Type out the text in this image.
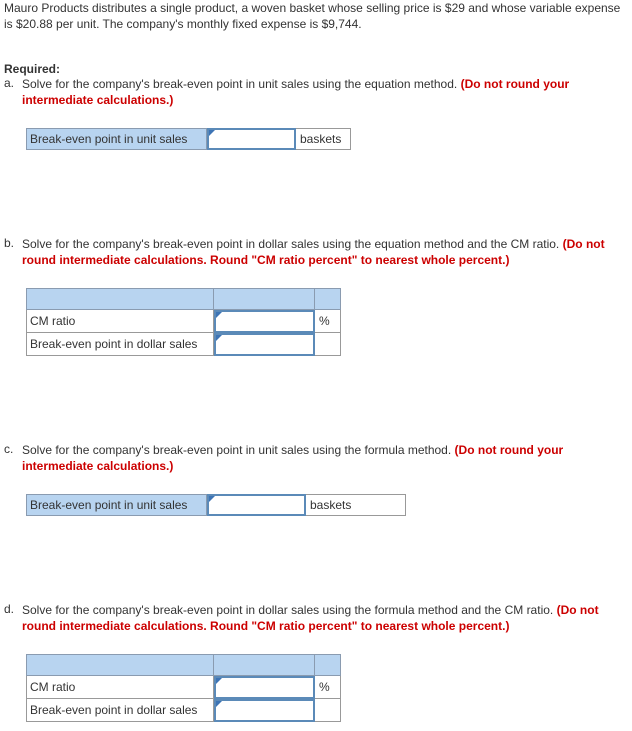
Mauro Products distributes a single product, a woven basket whose selling price is $29 and whose variable expense is $20.88 per unit. The company's monthly fixed expense is $9,744.
Required:
a. Solve for the company's break-even point in unit sales using the equation method. (Do not round your intermediate calculations.)
Break-even point in unit sales	baskets
b. Solve for the company's break-even point in dollar sales using the equation method and the CM ratio. (Do not round intermediate calculations. Round "CM ratio percent" to nearest whole percent.)
CM ratio	%
Break-even point in dollar sales
c. Solve for the company's break-even point in unit sales using the formula method. (Do not round your intermediate calculations.)
Break-even point in unit sales	baskets
d. Solve for the company's break-even point in dollar sales using the formula method and the CM ratio. (Do not round intermediate calculations. Round "CM ratio percent" to nearest whole percent.)
CM ratio	%
Break-even point in dollar sales
